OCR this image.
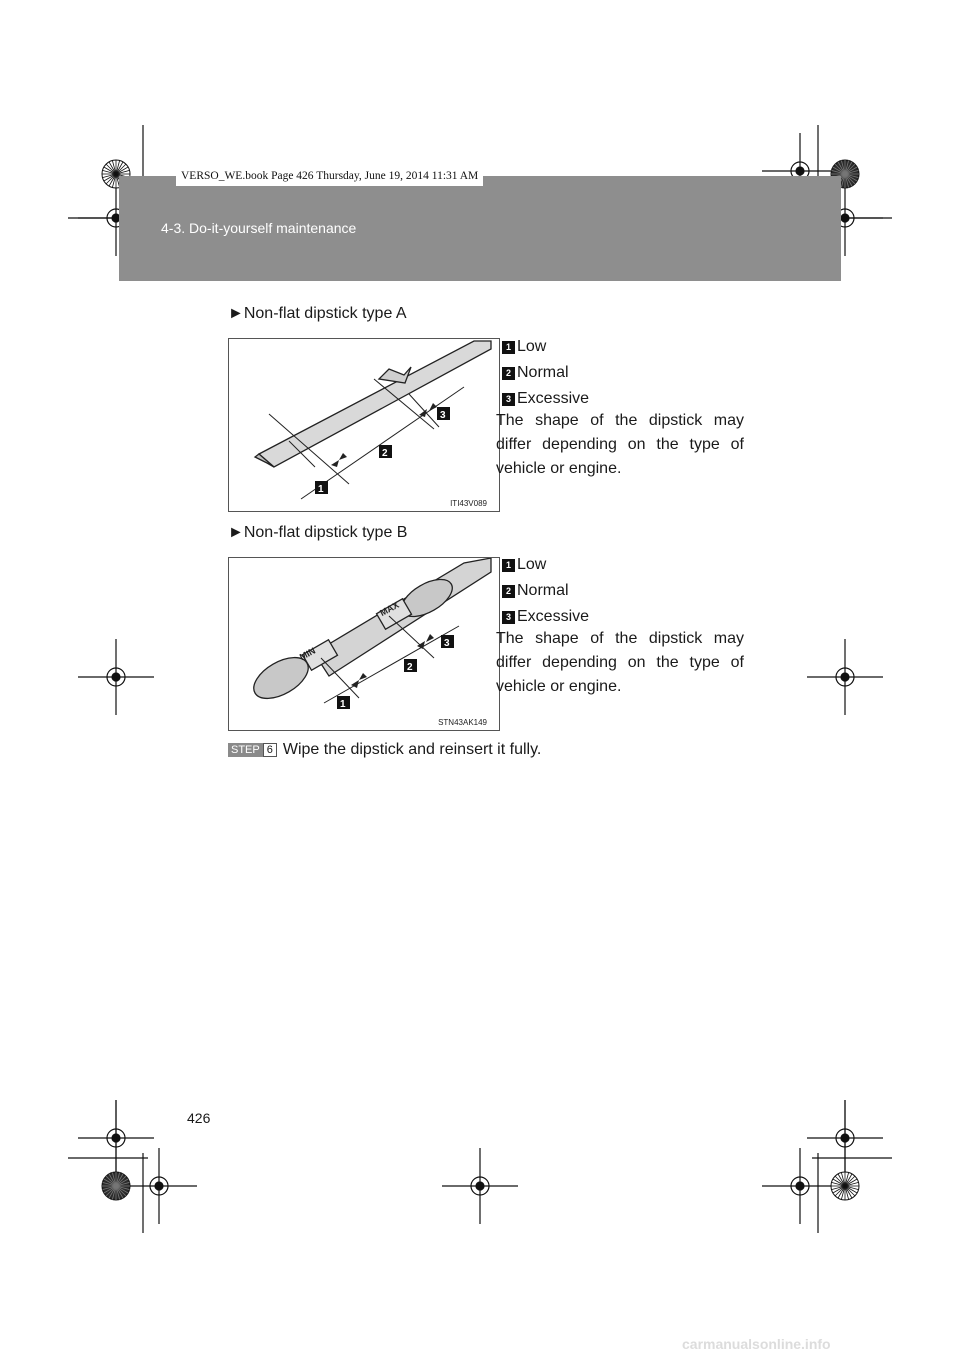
VERSO_WE.book Page 426 Thursday, June 19, 2014 11:31 AM
4-3. Do-it-yourself maintenance
►Non-flat dipstick type A
1
2
3
ITI43V089
1 Low
2 Normal
3 Excessive
The shape of the dipstick may differ depending on the type of vehicle or engine.
►Non-flat dipstick type B
MIN
MAX
1
2
3
STN43AK149
1 Low
2 Normal
3 Excessive
The shape of the dipstick may differ depending on the type of vehicle or engine.
STEP 6 Wipe the dipstick and reinsert it fully.
426
carmanualsonline.info
